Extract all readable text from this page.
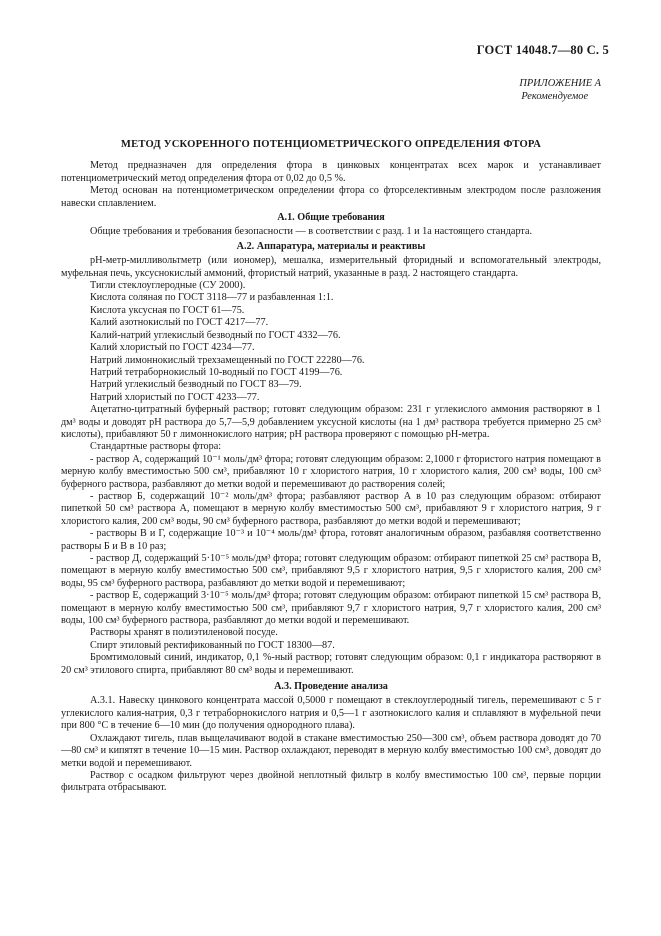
ГОСТ 14048.7—80 С. 5
ПРИЛОЖЕНИЕ А
Рекомендуемое
МЕТОД УСКОРЕННОГО ПОТЕНЦИОМЕТРИЧЕСКОГО ОПРЕДЕЛЕНИЯ ФТОРА

Метод предназначен для определения фтора в цинковых концентратах всех марок и устанавливает потенциометрический метод определения фтора от 0,02 до 0,5 %.

Метод основан на потенциометрическом определении фтора со фторселективным электродом после разложения навески сплавлением.

А.1. Общие требования

Общие требования и требования безопасности — в соответствии с разд. 1 и 1а настоящего стандарта.

А.2. Аппаратура, материалы и реактивы

рН-метр-милливольтметр (или иономер), мешалка, измерительный фторидный и вспомогательный электроды, муфельная печь, уксуснокислый аммоний, фтористый натрий, указанные в разд. 2 настоящего стандарта.

Тигли стеклоуглеродные (СУ 2000).

Кислота соляная по ГОСТ 3118—77 и разбавленная 1:1.

Кислота уксусная по ГОСТ 61—75.

Калий азотнокислый по ГОСТ 4217—77.

Калий-натрий углекислый безводный по ГОСТ 4332—76.

Калий хлористый по ГОСТ 4234—77.

Натрий лимоннокислый трехзамещенный по ГОСТ 22280—76.

Натрий тетраборнокислый 10-водный по ГОСТ 4199—76.

Натрий углекислый безводный по ГОСТ 83—79.

Натрий хлористый по ГОСТ 4233—77.

Ацетатно-цитратный буферный раствор; готовят следующим образом: 231 г углекислого аммония растворяют в 1 дм³ воды и доводят рН раствора до 5,7—5,9 добавлением уксусной кислоты (на 1 дм³ раствора требуется примерно 25 см³ кислоты), прибавляют 50 г лимоннокислого натрия; рН раствора проверяют с помощью рН-метра.

Стандартные растворы фтора:

- раствор А, содержащий 10⁻¹ моль/дм³ фтора; готовят следующим образом: 2,1000 г фтористого натрия помещают в мерную колбу вместимостью 500 см³, прибавляют 10 г хлористого натрия, 10 г хлористого калия, 200 см³ воды, 100 см³ буферного раствора, разбавляют до метки водой и перемешивают до растворения солей;

- раствор Б, содержащий 10⁻² моль/дм³ фтора; разбавляют раствор А в 10 раз следующим образом: отбирают пипеткой 50 см³ раствора А, помещают в мерную колбу вместимостью 500 см³, прибавляют 9 г хлористого натрия, 9 г хлористого калия, 200 см³ воды, 90 см³ буферного раствора, разбавляют до метки водой и перемешивают;

- растворы В и Г, содержащие 10⁻³ и 10⁻⁴ моль/дм³ фтора, готовят аналогичным образом, разбавляя соответственно растворы Б и В в 10 раз;

- раствор Д, содержащий 5·10⁻⁵ моль/дм³ фтора; готовят следующим образом: отбирают пипеткой 25 см³ раствора В, помещают в мерную колбу вместимостью 500 см³, прибавляют 9,5 г хлористого натрия, 9,5 г хлористого калия, 200 см³ воды, 95 см³ буферного раствора, разбавляют до метки водой и перемешивают;

- раствор Е, содержащий 3·10⁻⁵ моль/дм³ фтора; готовят следующим образом: отбирают пипеткой 15 см³ раствора В, помещают в мерную колбу вместимостью 500 см³, прибавляют 9,7 г хлористого натрия, 9,7 г хлористого калия, 200 см³ воды, 100 см³ буферного раствора, разбавляют до метки водой и перемешивают.

Растворы хранят в полиэтиленовой посуде.

Спирт этиловый ректификованный по ГОСТ 18300—87.

Бромтимоловый синий, индикатор, 0,1 %-ный раствор; готовят следующим образом: 0,1 г индикатора растворяют в 20 см³ этилового спирта, прибавляют 80 см³ воды и перемешивают.

А.3. Проведение анализа

А.3.1. Навеску цинкового концентрата массой 0,5000 г помещают в стеклоуглеродный тигель, перемешивают с 5 г углекислого калия-натрия, 0,3 г тетраборнокислого натрия и 0,5—1 г азотнокислого калия и сплавляют в муфельной печи при 800 °С в течение 6—10 мин (до получения однородного плава).

Охлаждают тигель, плав выщелачивают водой в стакане вместимостью 250—300 см³, объем раствора доводят до 70—80 см³ и кипятят в течение 10—15 мин. Раствор охлаждают, переводят в мерную колбу вместимостью 100 см³, доводят до метки водой и перемешивают.

Раствор с осадком фильтруют через двойной неплотный фильтр в колбу вместимостью 100 см³, первые порции фильтрата отбрасывают.
